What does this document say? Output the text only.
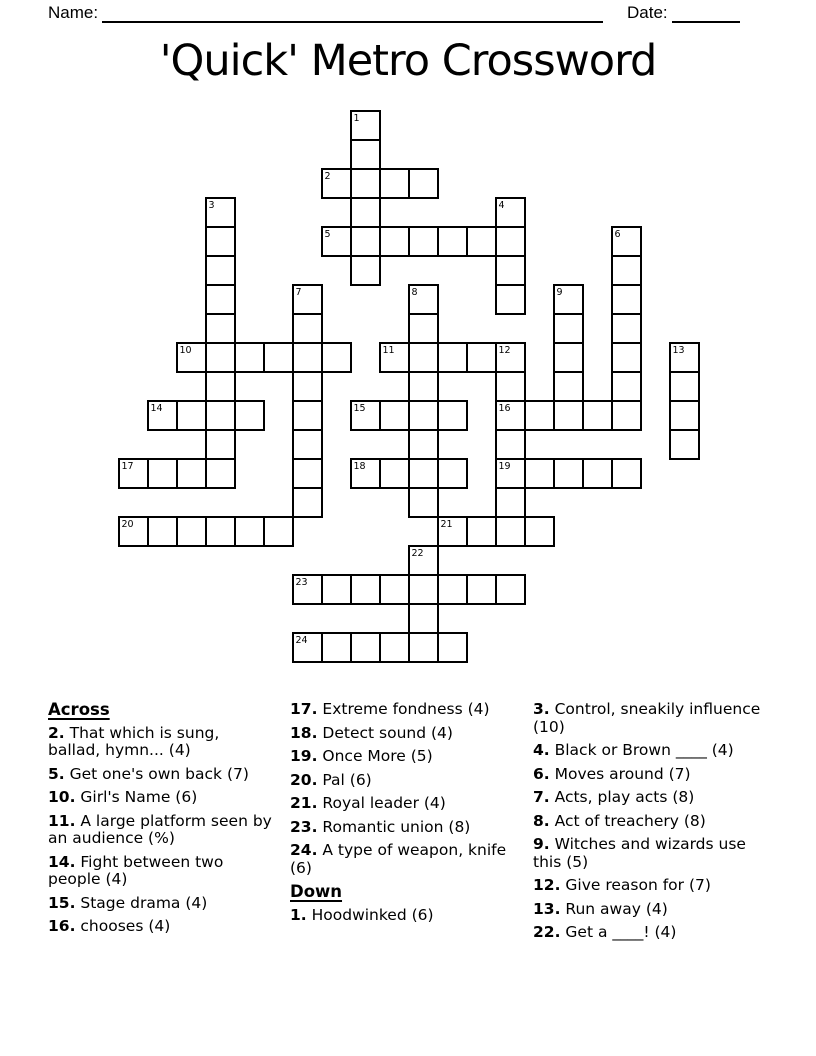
Name:	Date:
'Quick' Metro Crossword
1
2
3	4
5	6
7	8	9
10	11	12	13
14	15	16
17	18	19
20	21
22
23
24
Across
2. That which is sung, ballad, hymn... (4)
5. Get one's own back (7)
10. Girl's Name (6)
11. A large platform seen by an audience (%)
14. Fight between two people (4)
15. Stage drama (4)
16. chooses (4)
17. Extreme fondness (4)
18. Detect sound (4)
19. Once More (5)
20. Pal (6)
21. Royal leader (4)
23. Romantic union (8)
24. A type of weapon, knife (6)
Down
1. Hoodwinked (6)
3. Control, sneakily influence (10)
4. Black or Brown ____ (4)
6. Moves around (7)
7. Acts, play acts (8)
8. Act of treachery (8)
9. Witches and wizards use this (5)
12. Give reason for (7)
13. Run away (4)
22. Get a ____! (4)
